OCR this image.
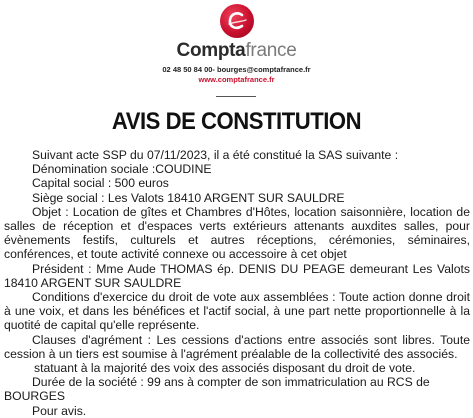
Comptafrance
02 48 50 84 00- bourges@comptafrance.fr
www.comptafrance.fr
AVIS DE CONSTITUTION

Suivant acte SSP du 07/11/2023, il a été constitué la SAS suivante :

Dénomination sociale :COUDINE

Capital social : 500 euros

Siège social : Les Valots 18410 ARGENT SUR SAULDRE

Objet : Location de gîtes et Chambres d'Hôtes, location saisonnière, location de salles de réception et d'espaces verts extérieurs attenants auxdites salles, pour évènements festifs, culturels et autres réceptions, cérémonies, séminaires, conférences, et toute activité connexe ou accessoire à cet objet

Président : Mme Aude THOMAS ép. DENIS DU PEAGE demeurant Les Valots 18410 ARGENT SUR SAULDRE

Conditions d'exercice du droit de vote aux assemblées : Toute action donne droit à une voix, et dans les bénéfices et l'actif social, à une part nette proportionnelle à la quotité de capital qu'elle représente.

Clauses d'agrément : Les cessions d'actions entre associés sont libres. Toute cession à un tiers est soumise à l'agrément préalable de la collectivité des associés.

statuant à la majorité des voix des associés disposant du droit de vote.

Durée de la société : 99 ans à compter de son immatriculation au RCS de BOURGES

Pour avis.
